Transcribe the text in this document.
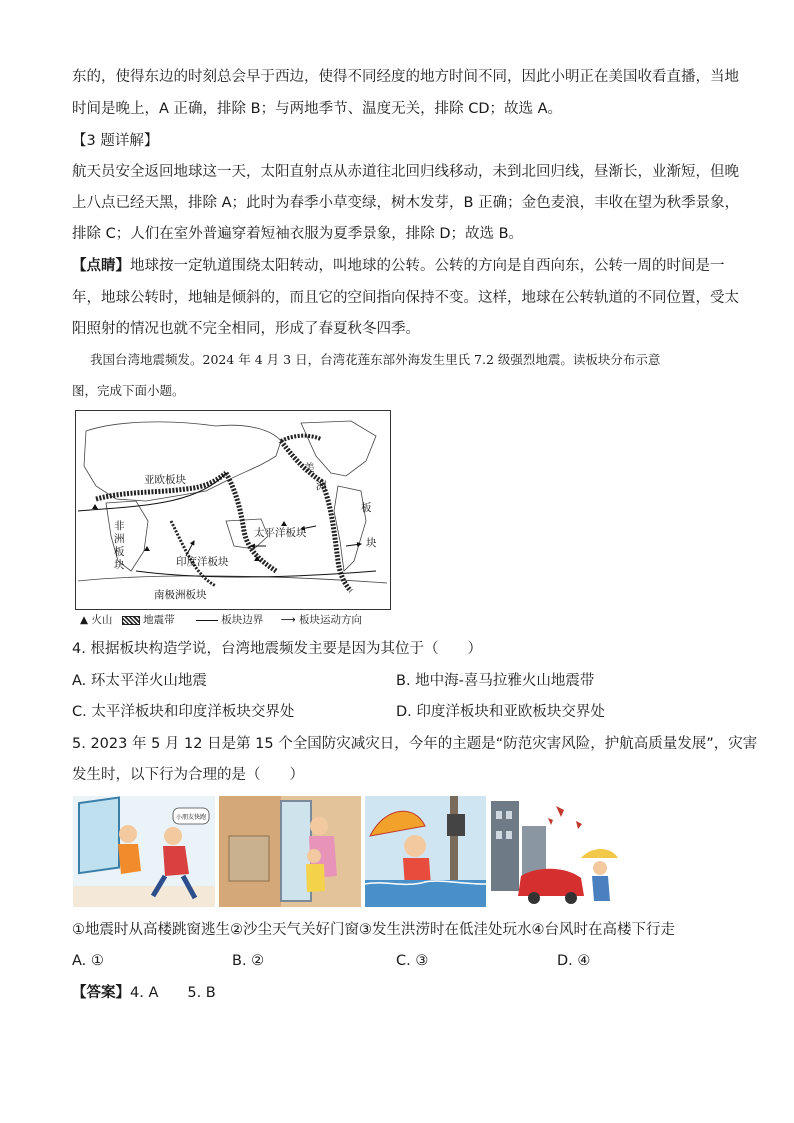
东的，使得东边的时刻总会早于西边，使得不同经度的地方时间不同，因此小明正在美国收看直播，当地
时间是晚上，A 正确，排除 B；与两地季节、温度无关，排除 CD；故选 A。
【3 题详解】
航天员安全返回地球这一天，太阳直射点从赤道往北回归线移动，未到北回归线，昼渐长，业渐短，但晚
上八点已经天黑，排除 A；此时为春季小草变绿，树木发芽，B 正确；金色麦浪，丰收在望为秋季景象，
排除 C；人们在室外普遍穿着短袖衣服为夏季景象，排除 D；故选 B。
【点睛】地球按一定轨道围绕太阳转动，叫地球的公转。公转的方向是自西向东，公转一周的时间是一
年，地球公转时，地轴是倾斜的，而且它的空间指向保持不变。这样，地球在公转轨道的不同位置，受太
阳照射的情况也就不完全相同，形成了春夏秋冬四季。
我国台湾地震频发。2024 年 4 月 3 日，台湾花莲东部外海发生里氏 7.2 级强烈地震。读板块分布示意
图，完成下面小题。
亚欧板块
太平洋板块
印度洋板块
南极洲板块
非
洲
板
块
美
洲
板
块
▲ 火山	地震带	板块边界 ⟶ 板块运动方向
4. 根据板块构造学说，台湾地震频发主要是因为其位于（　　）
A. 环太平洋火山地震	B. 地中海-喜马拉雅火山地震带
C. 太平洋板块和印度洋板块交界处	D. 印度洋板块和亚欧板块交界处
5. 2023 年 5 月 12 日是第 15 个全国防灾减灾日，今年的主题是“防范灾害风险，护航高质量发展”，灾害
发生时，以下行为合理的是（　　）
小朋友快跑
①地震时从高楼跳窗逃生②沙尘天气关好门窗③发生洪涝时在低洼处玩水④台风时在高楼下行走
A. ①	B. ②	C. ③	D. ④
【答案】4. A　　5. B
